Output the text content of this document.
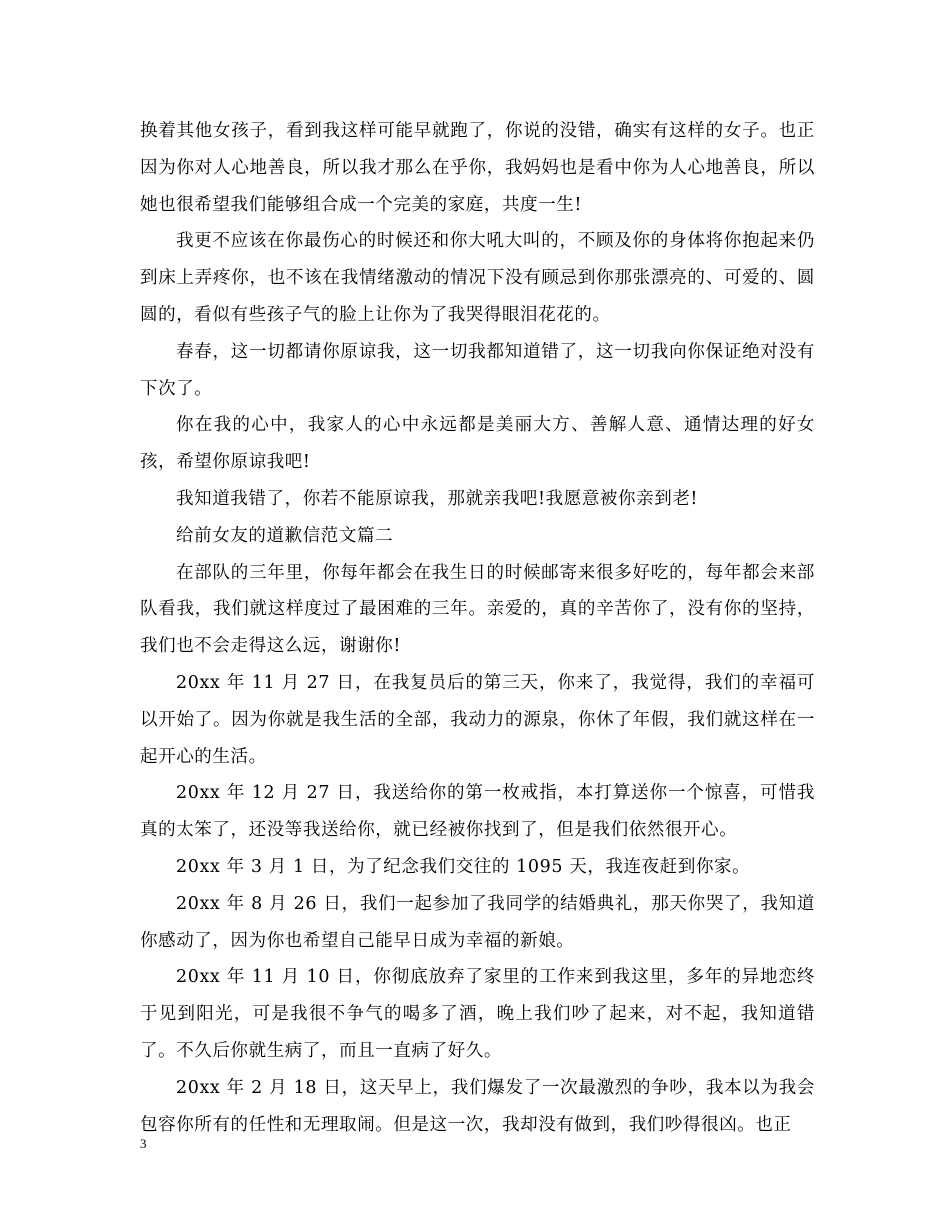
换着其他女孩子，看到我这样可能早就跑了，你说的没错，确实有这样的女子。也正因为你对人心地善良，所以我才那么在乎你，我妈妈也是看中你为人心地善良，所以她也很希望我们能够组合成一个完美的家庭，共度一生!

我更不应该在你最伤心的时候还和你大吼大叫的，不顾及你的身体将你抱起来仍到床上弄疼你，也不该在我情绪激动的情况下没有顾忌到你那张漂亮的、可爱的、圆圆的，看似有些孩子气的脸上让你为了我哭得眼泪花花的。

春春，这一切都请你原谅我，这一切我都知道错了，这一切我向你保证绝对没有下次了。

你在我的心中，我家人的心中永远都是美丽大方、善解人意、通情达理的好女孩，希望你原谅我吧!

我知道我错了，你若不能原谅我，那就亲我吧!我愿意被你亲到老!

给前女友的道歉信范文篇二

在部队的三年里，你每年都会在我生日的时候邮寄来很多好吃的，每年都会来部队看我，我们就这样度过了最困难的三年。亲爱的，真的辛苦你了，没有你的坚持，我们也不会走得这么远，谢谢你!

20xx 年 11 月 27 日，在我复员后的第三天，你来了，我觉得，我们的幸福可以开始了。因为你就是我生活的全部，我动力的源泉，你休了年假，我们就这样在一起开心的生活。

20xx 年 12 月 27 日，我送给你的第一枚戒指，本打算送你一个惊喜，可惜我真的太笨了，还没等我送给你，就已经被你找到了，但是我们依然很开心。

20xx 年 3 月 1 日，为了纪念我们交往的 1095 天，我连夜赶到你家。

20xx 年 8 月 26 日，我们一起参加了我同学的结婚典礼，那天你哭了，我知道你感动了，因为你也希望自己能早日成为幸福的新娘。

20xx 年 11 月 10 日，你彻底放弃了家里的工作来到我这里，多年的异地恋终于见到阳光，可是我很不争气的喝多了酒，晚上我们吵了起来，对不起，我知道错了。不久后你就生病了，而且一直病了好久。

20xx 年 2 月 18 日，这天早上，我们爆发了一次最激烈的争吵，我本以为我会包容你所有的任性和无理取闹。但是这一次，我却没有做到，我们吵得很凶。也正

3
